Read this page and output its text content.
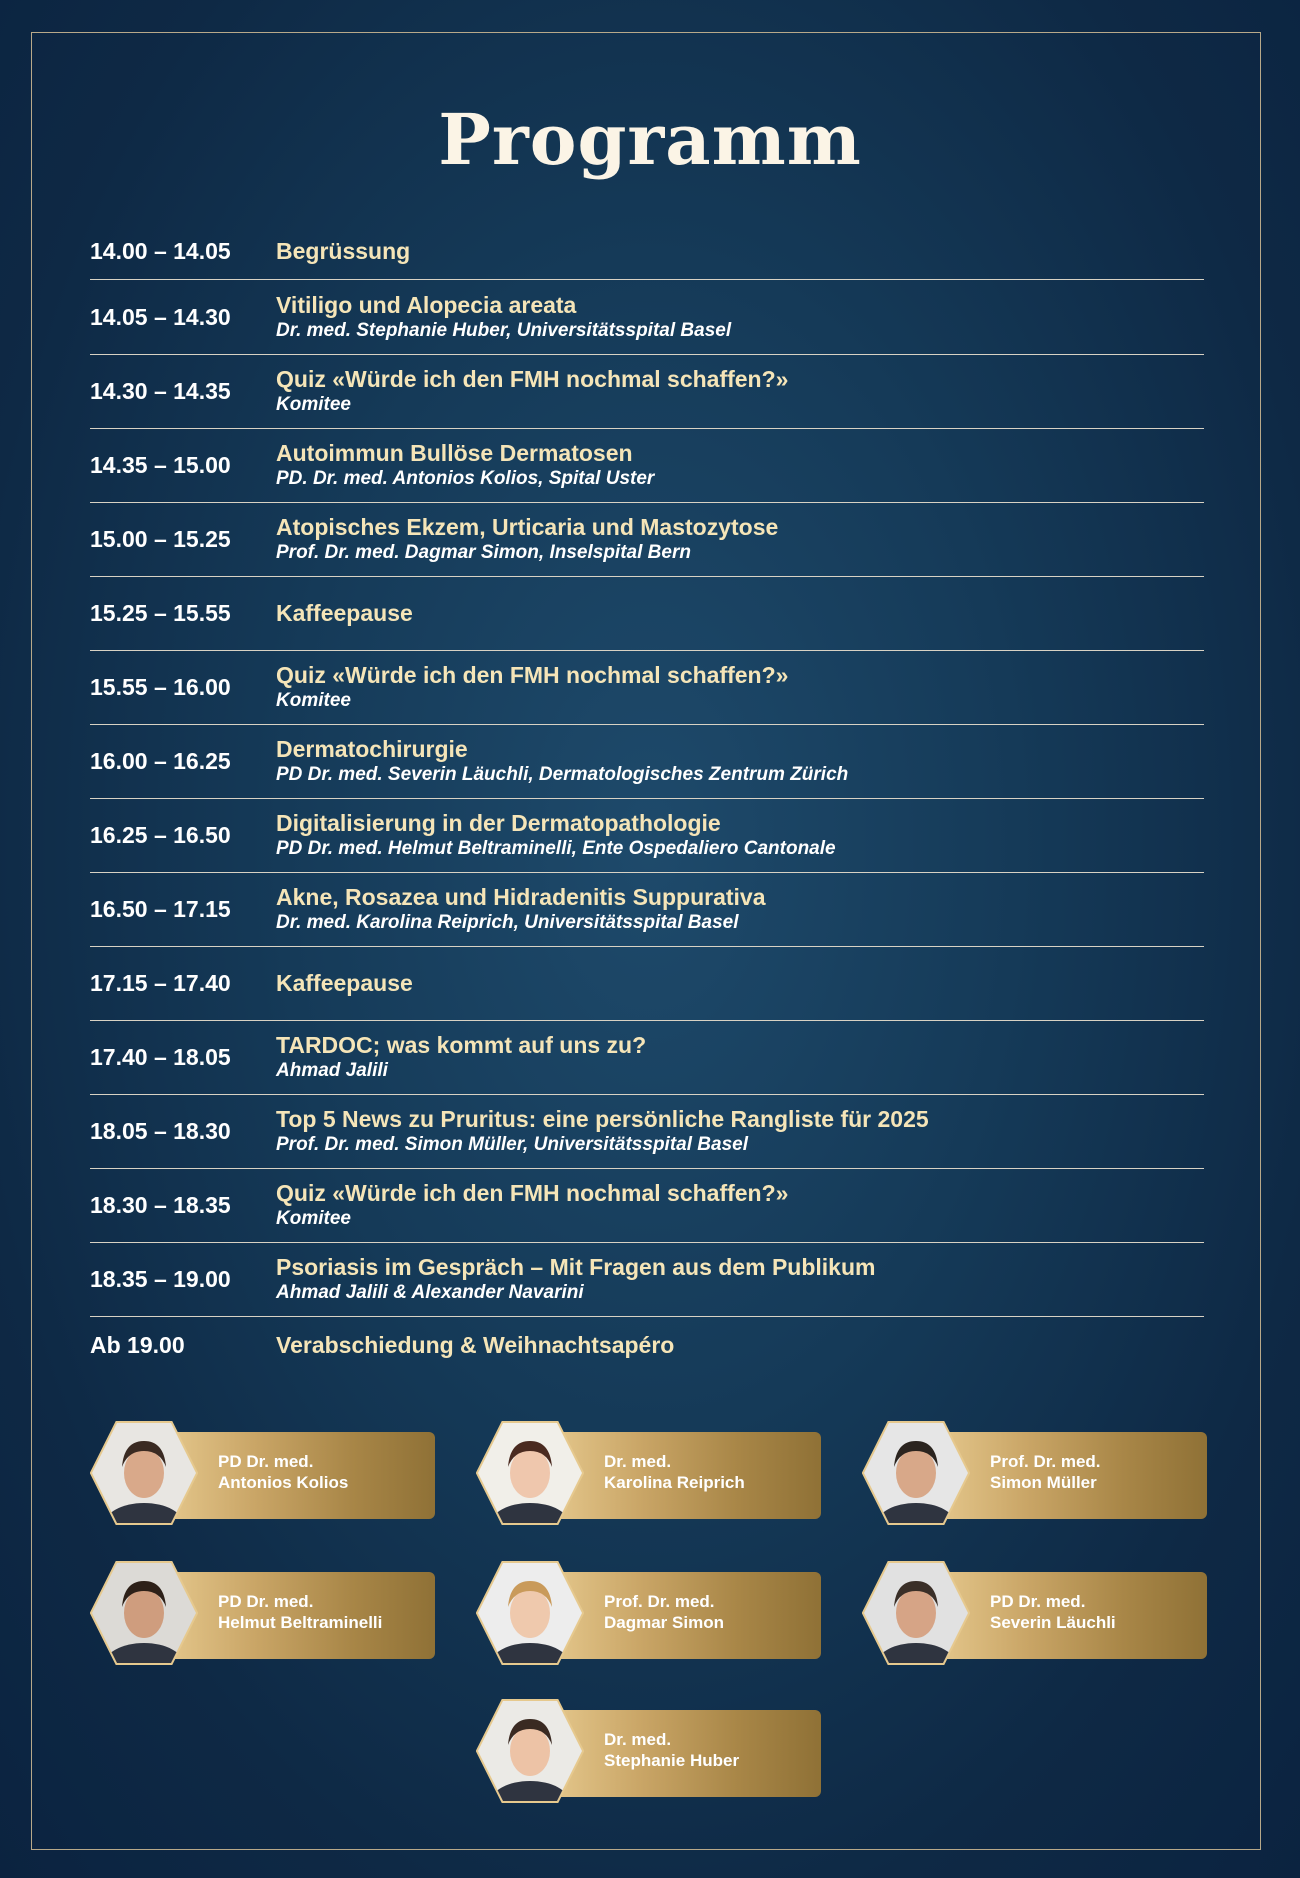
Programm
14.00 – 14.05	Begrüssung
14.05 – 14.30	Vitiligo und Alopecia areata
Dr. med. Stephanie Huber, Universitätsspital Basel
14.30 – 14.35	Quiz «Würde ich den FMH nochmal schaffen?»
Komitee
14.35 – 15.00	Autoimmun Bullöse Dermatosen
PD. Dr. med. Antonios Kolios, Spital Uster
15.00 – 15.25	Atopisches Ekzem, Urticaria und Mastozytose
Prof. Dr. med. Dagmar Simon, Inselspital Bern
15.25 – 15.55	Kaffeepause
15.55 – 16.00	Quiz «Würde ich den FMH nochmal schaffen?»
Komitee
16.00 – 16.25	Dermatochirurgie
PD Dr. med. Severin Läuchli, Dermatologisches Zentrum Zürich
16.25 – 16.50	Digitalisierung in der Dermatopathologie
PD Dr. med. Helmut Beltraminelli, Ente Ospedaliero Cantonale
16.50 – 17.15	Akne, Rosazea und Hidradenitis Suppurativa
Dr. med. Karolina Reiprich, Universitätsspital Basel
17.15 – 17.40	Kaffeepause
17.40 – 18.05	TARDOC; was kommt auf uns zu?
Ahmad Jalili
18.05 – 18.30	Top 5 News zu Pruritus: eine persönliche Rangliste für 2025
Prof. Dr. med. Simon Müller, Universitätsspital Basel
18.30 – 18.35	Quiz «Würde ich den FMH nochmal schaffen?»
Komitee
18.35 – 19.00	Psoriasis im Gespräch – Mit Fragen aus dem Publikum
Ahmad Jalili & Alexander Navarini
Ab 19.00	Verabschiedung & Weihnachtsapéro
PD Dr. med.
Antonios Kolios
Dr. med.
Karolina Reiprich
Prof. Dr. med.
Simon Müller
PD Dr. med.
Helmut Beltraminelli
Prof. Dr. med.
Dagmar Simon
PD Dr. med.
Severin Läuchli
Dr. med.
Stephanie Huber
